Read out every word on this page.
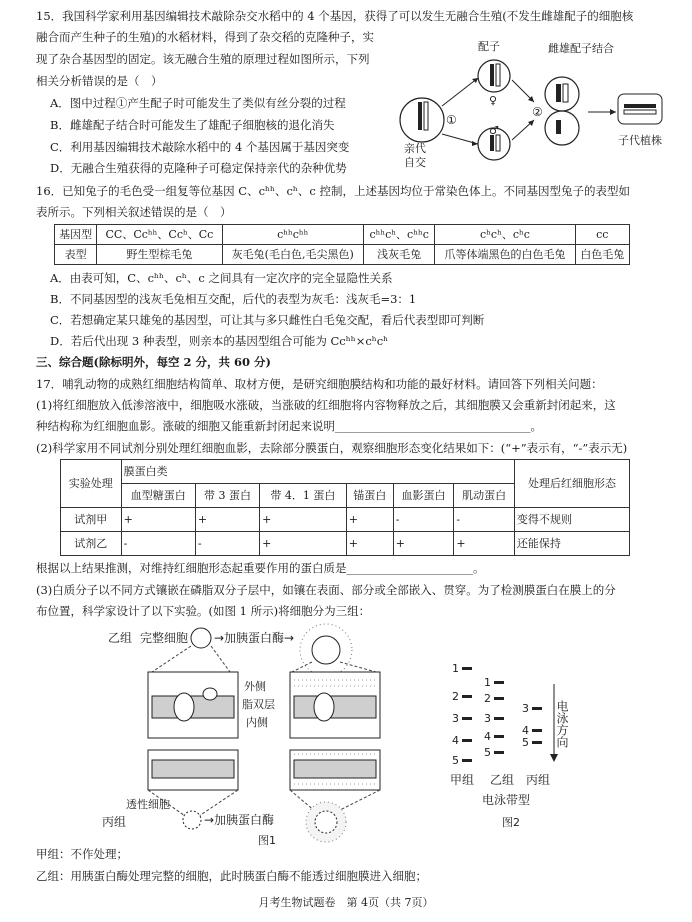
15．我国科学家利用基因编辑技术敲除杂交水稻中的 4 个基因，获得了可以发生无融合生殖(不发生雌雄配子的细胞核
融合而产生种子的生殖)的水稻材料，得到了杂交稻的克隆种子，实
现了杂合基因型的固定。该无融合生殖的原理过程如图所示，下列
相关分析错误的是（　）
A．图中过程①产生配子时可能发生了类似有丝分裂的过程
B．雌雄配子结合时可能发生了雄配子细胞核的退化消失
C．利用基因编辑技术敲除水稻中的 4 个基因属于基因突变
D．无融合生殖获得的克隆种子可稳定保持亲代的杂种优势
亲代
自交
①
配子
♀
♂
②
雌雄配子结合
子代植株
16．已知兔子的毛色受一组复等位基因 C、cʰʰ、cʰ、c 控制，上述基因均位于常染色体上。不同基因型兔子的表型如
表所示。下列相关叙述错误的是（　）
基因型	CC、Ccʰʰ、Ccʰ、Cc	cʰʰcʰʰ	cʰʰcʰ、cʰʰc	cʰcʰ、cʰc	cc
表型	野生型棕毛兔	灰毛兔(毛白色,毛尖黑色)	浅灰毛兔	爪等体端黑色的白色毛兔	白色毛兔
A．由表可知，C、cʰʰ、cʰ、c 之间具有一定次序的完全显隐性关系
B．不同基因型的浅灰毛兔相互交配，后代的表型为灰毛：浅灰毛=3：1
C．若想确定某只雄兔的基因型，可让其与多只雌性白毛兔交配，看后代表型即可判断
D．若后代出现 3 种表型，则亲本的基因型组合可能为 Ccʰʰ×cʰcʰ
三、综合题(除标明外，每空 2 分，共 60 分)
17．哺乳动物的成熟红细胞结构简单、取材方便，是研究细胞膜结构和功能的最好材料。请回答下列相关问题：
(1)将红细胞放入低渗溶液中，细胞吸水涨破，当涨破的红细胞将内容物释放之后，其细胞膜又会重新封闭起来，这
种结构称为红细胞血影。涨破的细胞又能重新封闭起来说明__________________________________。
(2)科学家用不同试剂分别处理红细胞血影，去除部分膜蛋白，观察细胞形态变化结果如下：(“+”表示有，“-”表示无)
实验处理	膜蛋白类						处理后红细胞形态
	血型糖蛋白	带 3 蛋白	带 4．1 蛋白	锚蛋白	血影蛋白	肌动蛋白	
试剂甲	+	+	+	+	-	-	变得不规则
试剂乙	-	-	+	+	+	+	还能保持
根据以上结果推测，对维持红细胞形态起重要作用的蛋白质是______________________。
(3)白质分子以不同方式镶嵌在磷脂双分子层中，如镶在表面、部分或全部嵌入、贯穿。为了检测膜蛋白在膜上的分
布位置，科学家设计了以下实验。(如图 1 所示)将细胞分为三组：
乙组 完整细胞 →加胰蛋白酶→
外侧
脂双层
内侧
透性细胞
丙组	→加胰蛋白酶
图1
1
2
3
4
5
1
2
3
4
5
3
4
5 电泳方向
甲组 乙组 丙组
电泳带型
图2
甲组：不作处理；
乙组：用胰蛋白酶处理完整的细胞，此时胰蛋白酶不能透过细胞膜进入细胞；
月考生物试题卷　第 4页（共 7页）
